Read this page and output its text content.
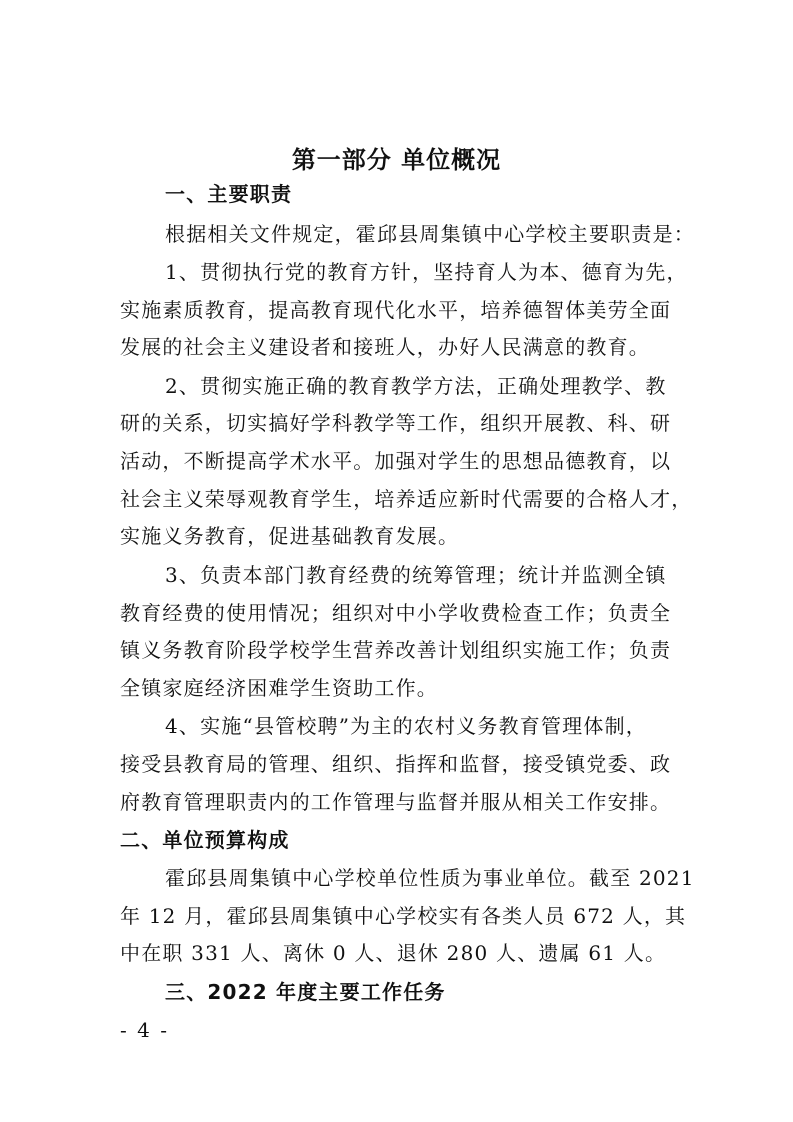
第一部分 单位概况
一、主要职责
根据相关文件规定，霍邱县周集镇中心学校主要职责是：
1、贯彻执行党的教育方针，坚持育人为本、德育为先，
实施素质教育，提高教育现代化水平，培养德智体美劳全面
发展的社会主义建设者和接班人，办好人民满意的教育。
2、贯彻实施正确的教育教学方法，正确处理教学、教
研的关系，切实搞好学科教学等工作，组织开展教、科、研
活动，不断提高学术水平。加强对学生的思想品德教育，以
社会主义荣辱观教育学生，培养适应新时代需要的合格人才，
实施义务教育，促进基础教育发展。
3、负责本部门教育经费的统筹管理；统计并监测全镇
教育经费的使用情况；组织对中小学收费检查工作；负责全
镇义务教育阶段学校学生营养改善计划组织实施工作；负责
全镇家庭经济困难学生资助工作。
4、实施“县管校聘”为主的农村义务教育管理体制，
接受县教育局的管理、组织、指挥和监督，接受镇党委、政
府教育管理职责内的工作管理与监督并服从相关工作安排。
二、单位预算构成
霍邱县周集镇中心学校单位性质为事业单位。截至 2021
年 12 月，霍邱县周集镇中心学校实有各类人员 672 人，其
中在职 331 人、离休 0 人、退休 280 人、遗属 61 人。
三、2022 年度主要工作任务
- 4 -
